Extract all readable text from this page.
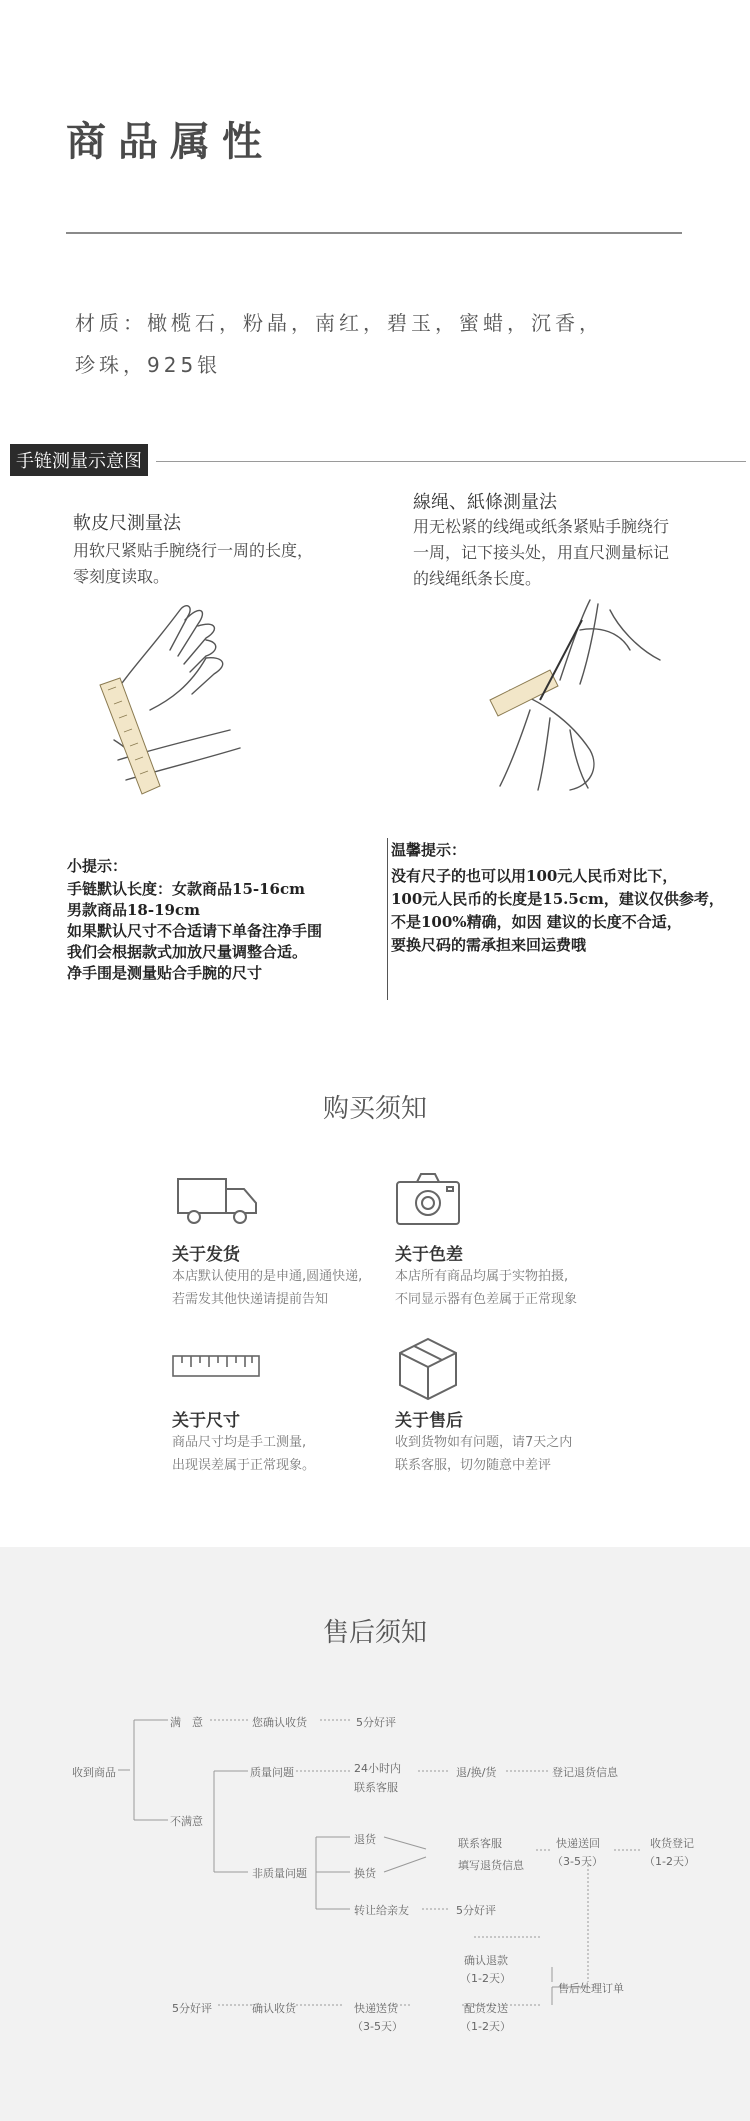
商品属性
材质：橄榄石，粉晶，南红，碧玉，蜜蜡，沉香，
珍珠，925银
手链测量示意图
軟皮尺測量法
用软尺紧贴手腕绕行一周的长度，
零刻度读取。
線绳、紙條測量法
用无松紧的线绳或纸条紧贴手腕绕行
一周，记下接头处，用直尺测量标记
的线绳纸条长度。
小提示：
手链默认长度：女款商品15-16cm
男款商品18-19cm
如果默认尺寸不合适请下单备注净手围
我们会根据款式加放尺量调整合适。
净手围是测量贴合手腕的尺寸
温馨提示：
没有尺子的也可以用100元人民币对比下，
100元人民币的长度是15.5cm，建议仅供参考，
不是100%精确，如因 建议的长度不合适，
要换尺码的需承担来回运费哦
购买须知
关于发货
本店默认使用的是申通,圆通快递,
若需发其他快递请提前告知
关于色差
本店所有商品均属于实物拍摄,
不同显示器有色差属于正常现象
关于尺寸
商品尺寸均是手工测量,
出现误差属于正常现象。
关于售后
收到货物如有问题，请7天之内
联系客服，切勿随意中差评
售后须知
收到商品
满　意	您确认收货	5分好评
不满意
质量问题	24小时内
联系客服
退/换/货	登记退货信息
非质量问题
退货
换货
转让给亲友	5分好评
联系客服
填写退货信息
快递送回
（3-5天）
收货登记
（1-2天）
确认退款
（1-2天）
售后处理订单
配货发送
（1-2天）
快递送货
（3-5天）
确认收货
5分好评
